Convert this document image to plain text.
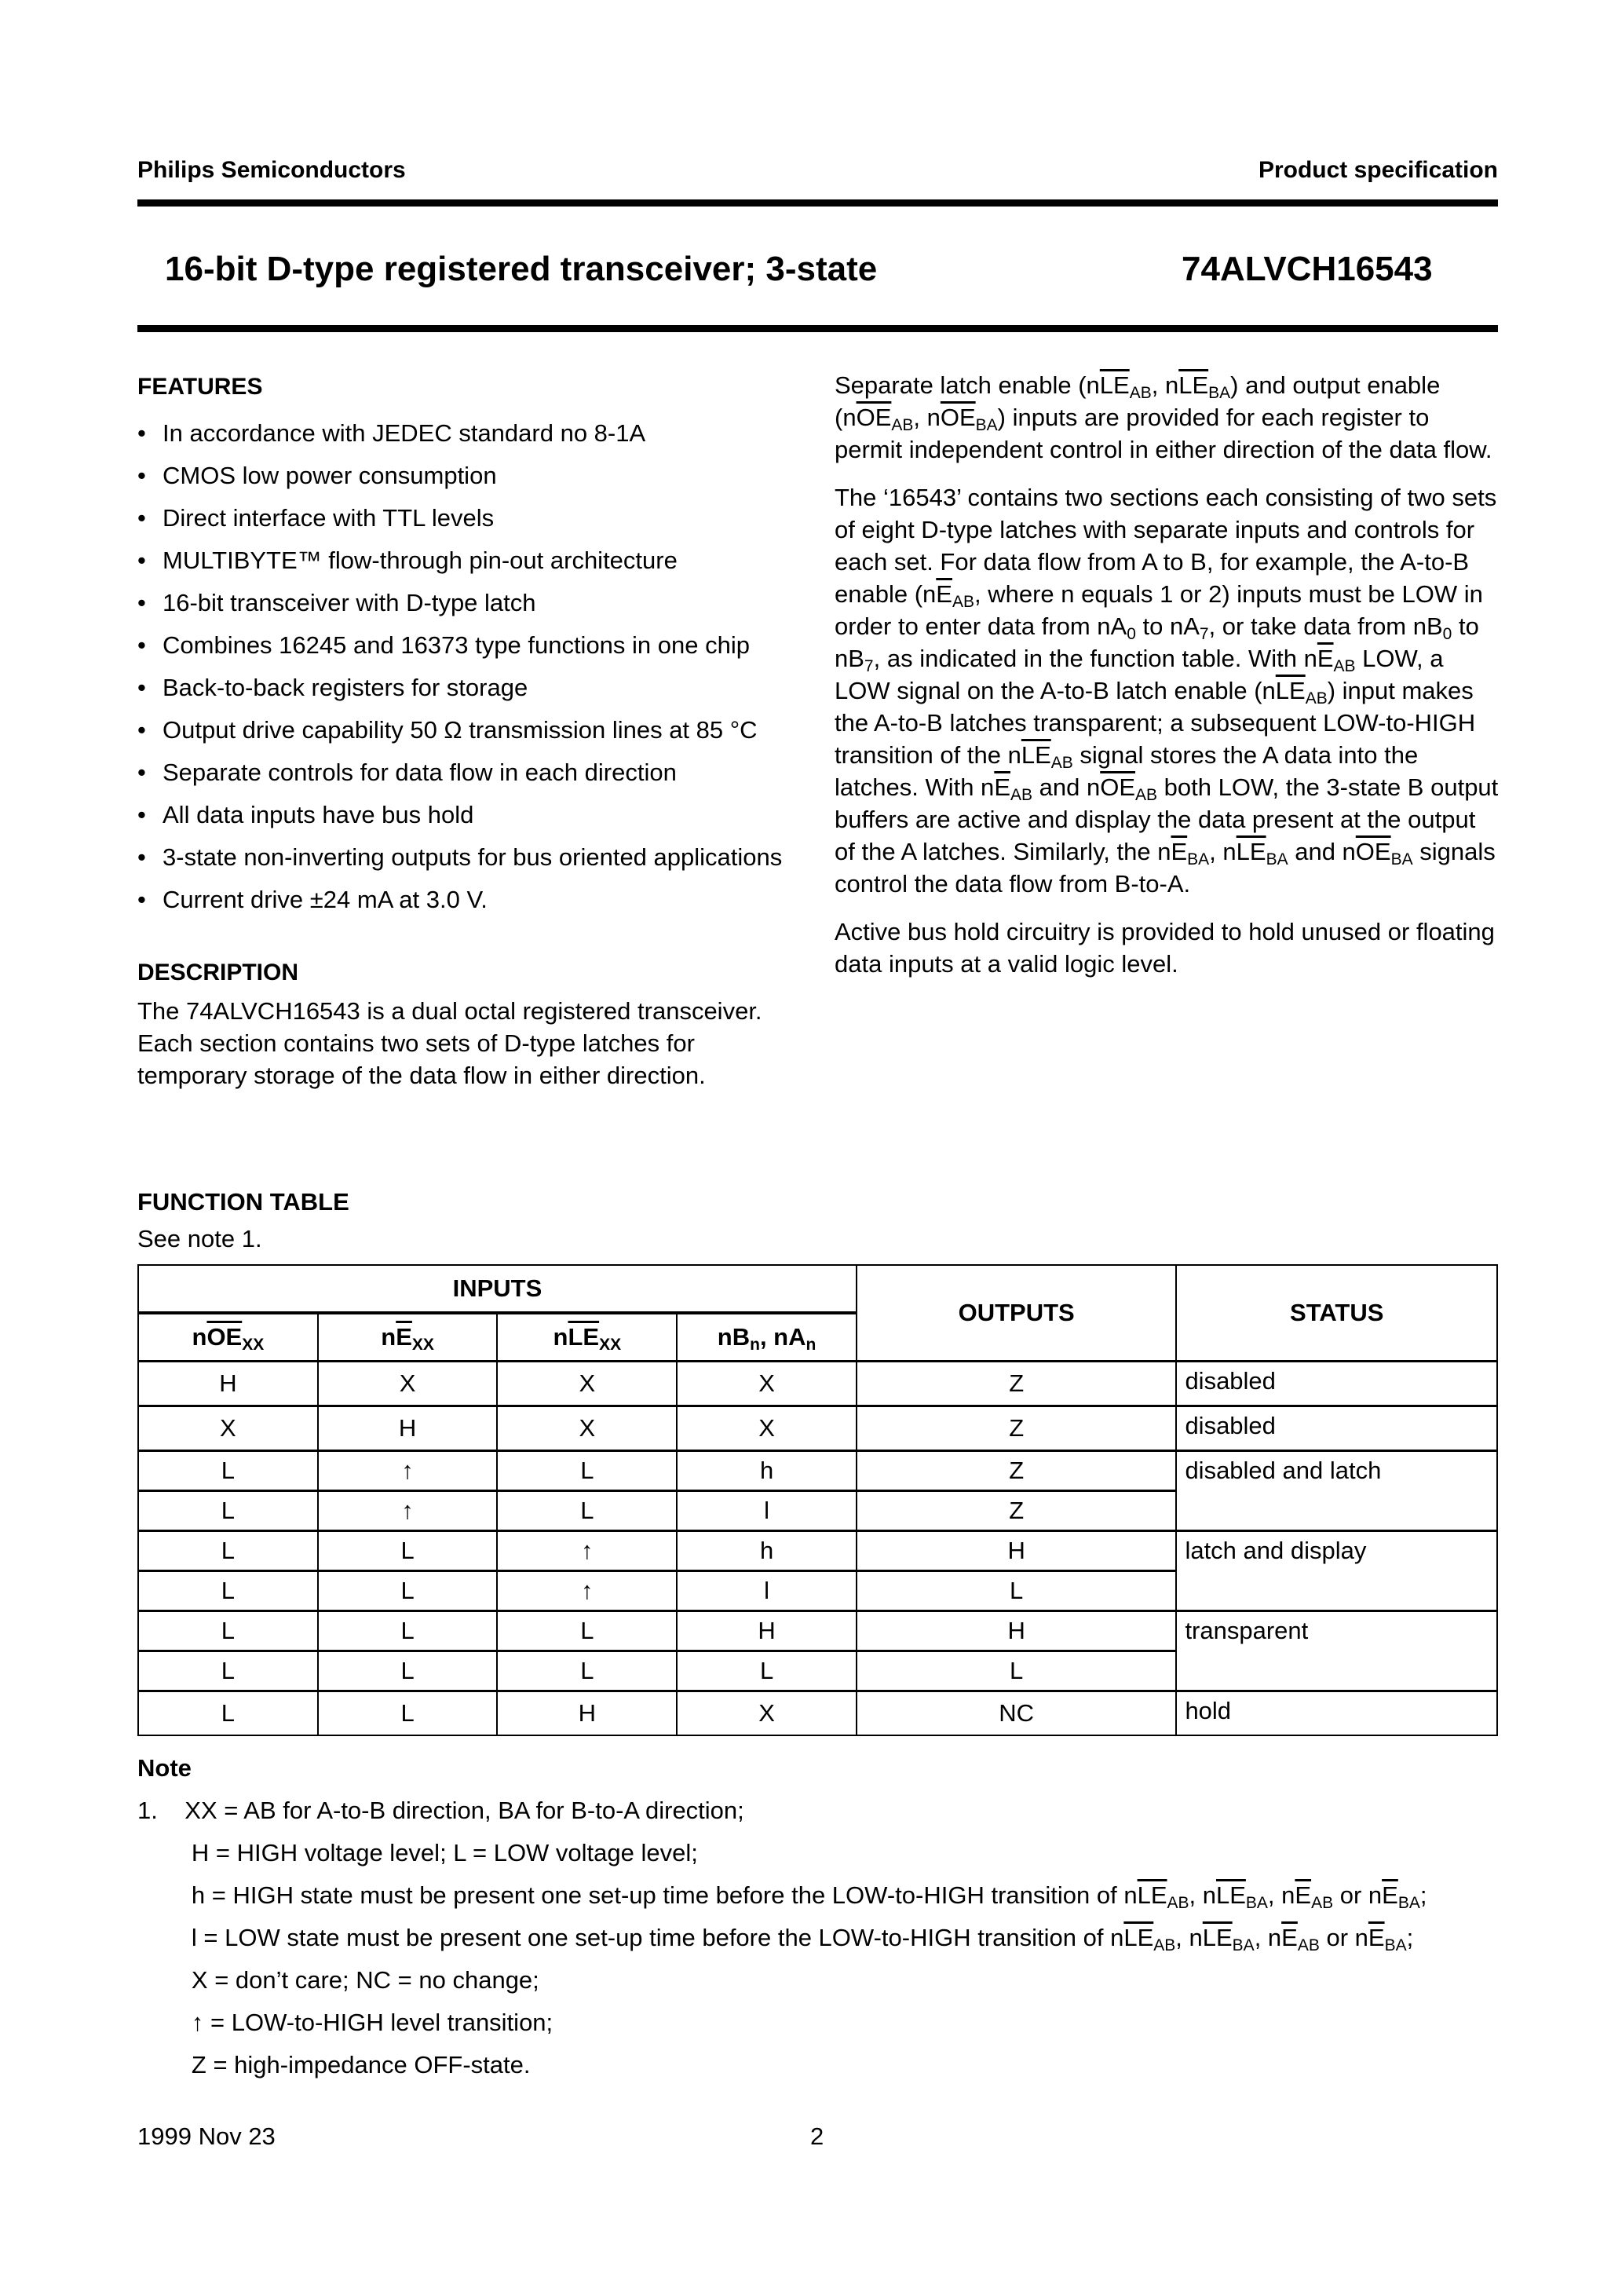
Philips Semiconductors	Product specification
16-bit D-type registered transceiver; 3-state	74ALVCH16543
FEATURES
• In accordance with JEDEC standard no 8-1A
• CMOS low power consumption
• Direct interface with TTL levels
• MULTIBYTE™ flow-through pin-out architecture
• 16-bit transceiver with D-type latch
• Combines 16245 and 16373 type functions in one chip
• Back-to-back registers for storage
• Output drive capability 50 Ω transmission lines at 85 °C
• Separate controls for data flow in each direction
• All data inputs have bus hold
• 3-state non-inverting outputs for bus oriented applications
• Current drive ±24 mA at 3.0 V.
DESCRIPTION

The 74ALVCH16543 is a dual octal registered transceiver. Each section contains two sets of D-type latches for temporary storage of the data flow in either direction.

Separate latch enable ($n\overline{LE}_{AB}$, $n\overline{LE}_{BA}$) and output enable ($n\overline{OE}_{AB}$, $n\overline{OE}_{BA}$) inputs are provided for each register to permit independent control in either direction of the data flow.

The ‘16543’ contains two sections each consisting of two sets of eight D-type latches with separate inputs and controls for each set. For data flow from A to B, for example, the A-to-B enable ($n\overline{E}_{AB}$, where n equals 1 or 2) inputs must be LOW in order to enter data from $nA_0$ to $nA_7$, or take data from $nB_0$ to $nB_7$, as indicated in the function table. With $n\overline{E}_{AB}$ LOW, a LOW signal on the A-to-B latch enable $(n\overline{LE}_{AB})$ input makes the A-to-B latches transparent; a subsequent LOW-to-HIGH transition of the $n\overline{LE}_{AB}$ signal stores the A data into the latches. With $n\overline{E}_{AB}$ and $n\overline{OE}_{AB}$ both LOW, the 3-state B output buffers are active and display the data present at the output of the A latches. Similarly, the $n\overline{E}_{BA}$, $n\overline{LE}_{BA}$ and $n\overline{OE}_{BA}$ signals control the data flow from B-to-A.

Active bus hold circuitry is provided to hold unused or floating data inputs at a valid logic level.

FUNCTION TABLE
See note 1.
INPUTS				OUTPUTS	STATUS
$n\overline{OE}_{XX}$	$n\overline{E}_{XX}$	$n\overline{LE}_{XX}$	$nB_n$, $nA_n$
H	X	X	X	Z	disabled
X	H	X	X	Z	disabled
L	↑	L	h	Z	disabled and latch
L	↑	L	l	Z	
L	L	↑	h	H	latch and display
L	L	↑	l	L	
L	L	L	H	H	transparent
L	L	L	L	L	
L	L	H	X	NC	hold
Note
1.    XX = AB for A-to-B direction, BA for B-to-A direction;
H = HIGH voltage level; L = LOW voltage level;
h = HIGH state must be present one set-up time before the LOW-to-HIGH transition of $n\overline{LE}_{AB}$, $n\overline{LE}_{BA}$, $n\overline{E}_{AB}$ or $n\overline{E}_{BA}$;
l = LOW state must be present one set-up time before the LOW-to-HIGH transition of $n\overline{LE}_{AB}$, $n\overline{LE}_{BA}$, $n\overline{E}_{AB}$ or $n\overline{E}_{BA}$;
X = don’t care; NC = no change;
↑ = LOW-to-HIGH level transition;
Z = high-impedance OFF-state.
1999 Nov 23	2
